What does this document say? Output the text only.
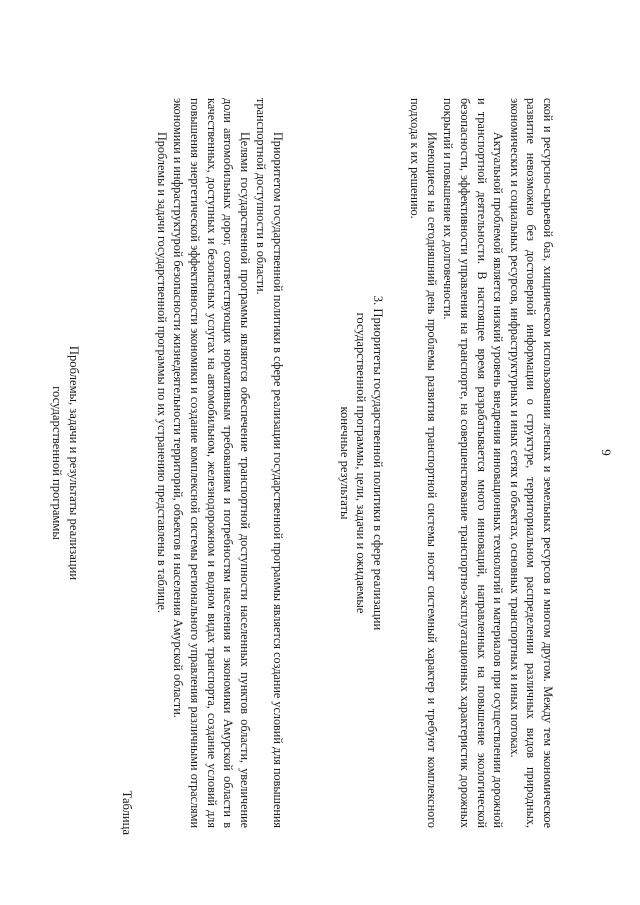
9

ской и ресурсно-сырьевой баз, хищническом использовании лесных и земельных ресурсов и многом другом. Между тем экономическое развитие невозможно без достоверной информации о структуре, территориальном распределении различных видов природных, экономических и социальных ресурсов, инфраструктурных и иных сетях и объектах, основных транспортных и иных потоках.

Актуальной проблемой является низкий уровень внедрения инновационных технологий и материалов при осуществлении дорожной и транспортной деятельности. В настоящее время разрабатывается много инноваций, направленных на повышение экологической безопасности, эффективности управления на транспорте, на совершенствование транспортно-эксплуатационных характеристик дорожных покрытий и повышение их долговечности.

Имеющиеся на сегодняшний день проблемы развития транспортной системы носят системный характер и требуют комплексного подхода к их решению.

3. Приоритеты государственной политики в сфере реализации
государственной программы, цели, задачи и ожидаемые
конечные результаты

Приоритетом государственной политики в сфере реализации государственной программы является создание условий для повышения транспортной доступности в области.

Целями государственной программы являются обеспечение транспортной доступности населенных пунктов области, увеличение доли автомобильных дорог, соответствующих нормативным требованиям и потребностям населения и экономики Амурской области в качественных, доступных и безопасных услугах на автомобильном, железнодорожном и водном видах транспорта, создание условий для повышения энергетической эффективности экономики и создание комплексной системы регионального управления различными отраслями экономики и инфраструктурой безопасности жизнедеятельности территорий, объектов и населения Амурской области.

Проблемы и задачи государственной программы по их устранению представлены в таблице.

Таблица
Проблемы, задачи и результаты реализации
государственной программы
